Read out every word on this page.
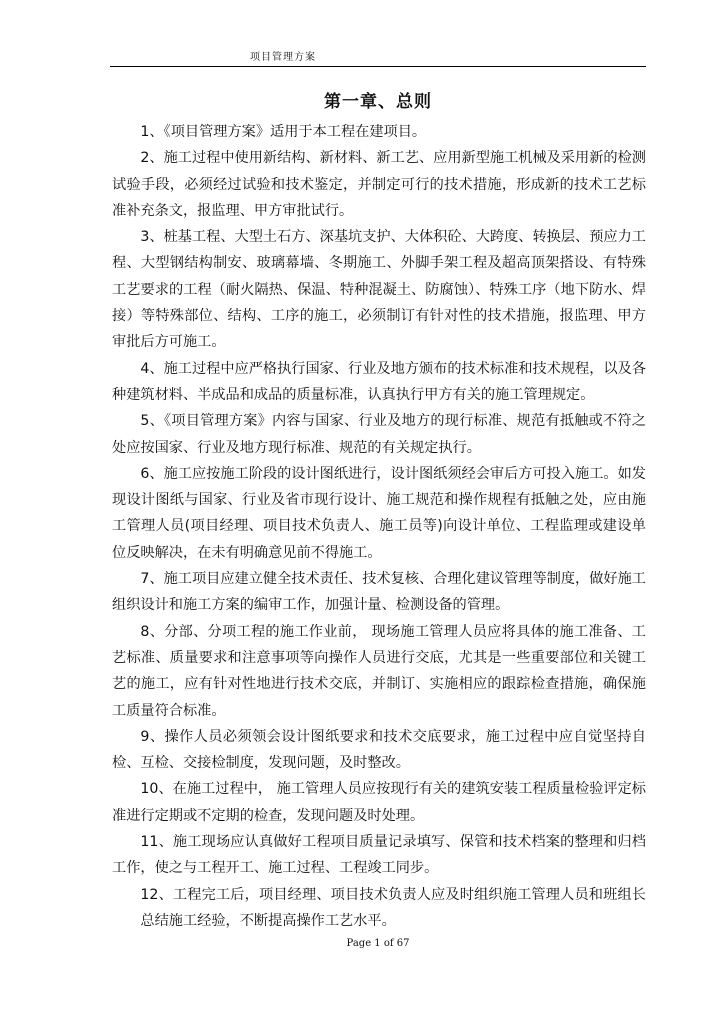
项目管理方案
第一章、总则

1、《项目管理方案》适用于本工程在建项目。

2、施工过程中使用新结构、新材料、新工艺、应用新型施工机械及采用新的检测试验手段，必须经过试验和技术鉴定，并制定可行的技术措施，形成新的技术工艺标准补充条文，报监理、甲方审批试行。

3、桩基工程、大型土石方、深基坑支护、大体积砼、大跨度、转换层、预应力工程、大型钢结构制安、玻璃幕墙、冬期施工、外脚手架工程及超高顶架搭设、有特殊工艺要求的工程（耐火隔热、保温、特种混凝土、防腐蚀）、特殊工序（地下防水、焊接）等特殊部位、结构、工序的施工，必须制订有针对性的技术措施，报监理、甲方审批后方可施工。

4、施工过程中应严格执行国家、行业及地方颁布的技术标准和技术规程，以及各种建筑材料、半成品和成品的质量标准，认真执行甲方有关的施工管理规定。

5、《项目管理方案》内容与国家、行业及地方的现行标准、规范有抵触或不符之处应按国家、行业及地方现行标准、规范的有关规定执行。

6、施工应按施工阶段的设计图纸进行，设计图纸须经会审后方可投入施工。如发现设计图纸与国家、行业及省市现行设计、施工规范和操作规程有抵触之处，应由施工管理人员(项目经理、项目技术负责人、施工员等)向设计单位、工程监理或建设单位反映解决，在未有明确意见前不得施工。

7、施工项目应建立健全技术责任、技术复核、合理化建议管理等制度，做好施工组织设计和施工方案的编审工作，加强计量、检测设备的管理。

8、分部、分项工程的施工作业前， 现场施工管理人员应将具体的施工准备、工艺标准、质量要求和注意事项等向操作人员进行交底，尤其是一些重要部位和关键工艺的施工，应有针对性地进行技术交底，并制订、实施相应的跟踪检查措施，确保施工质量符合标准。

9、操作人员必须领会设计图纸要求和技术交底要求，施工过程中应自觉坚持自检、互检、交接检制度，发现问题，及时整改。

10、在施工过程中， 施工管理人员应按现行有关的建筑安装工程质量检验评定标准进行定期或不定期的检查，发现问题及时处理。

11、施工现场应认真做好工程项目质量记录填写、保管和技术档案的整理和归档工作，使之与工程开工、施工过程、工程竣工同步。

12、工程完工后，项目经理、项目技术负责人应及时组织施工管理人员和班组长总结施工经验，不断提高操作工艺水平。

Page 1 of 67
